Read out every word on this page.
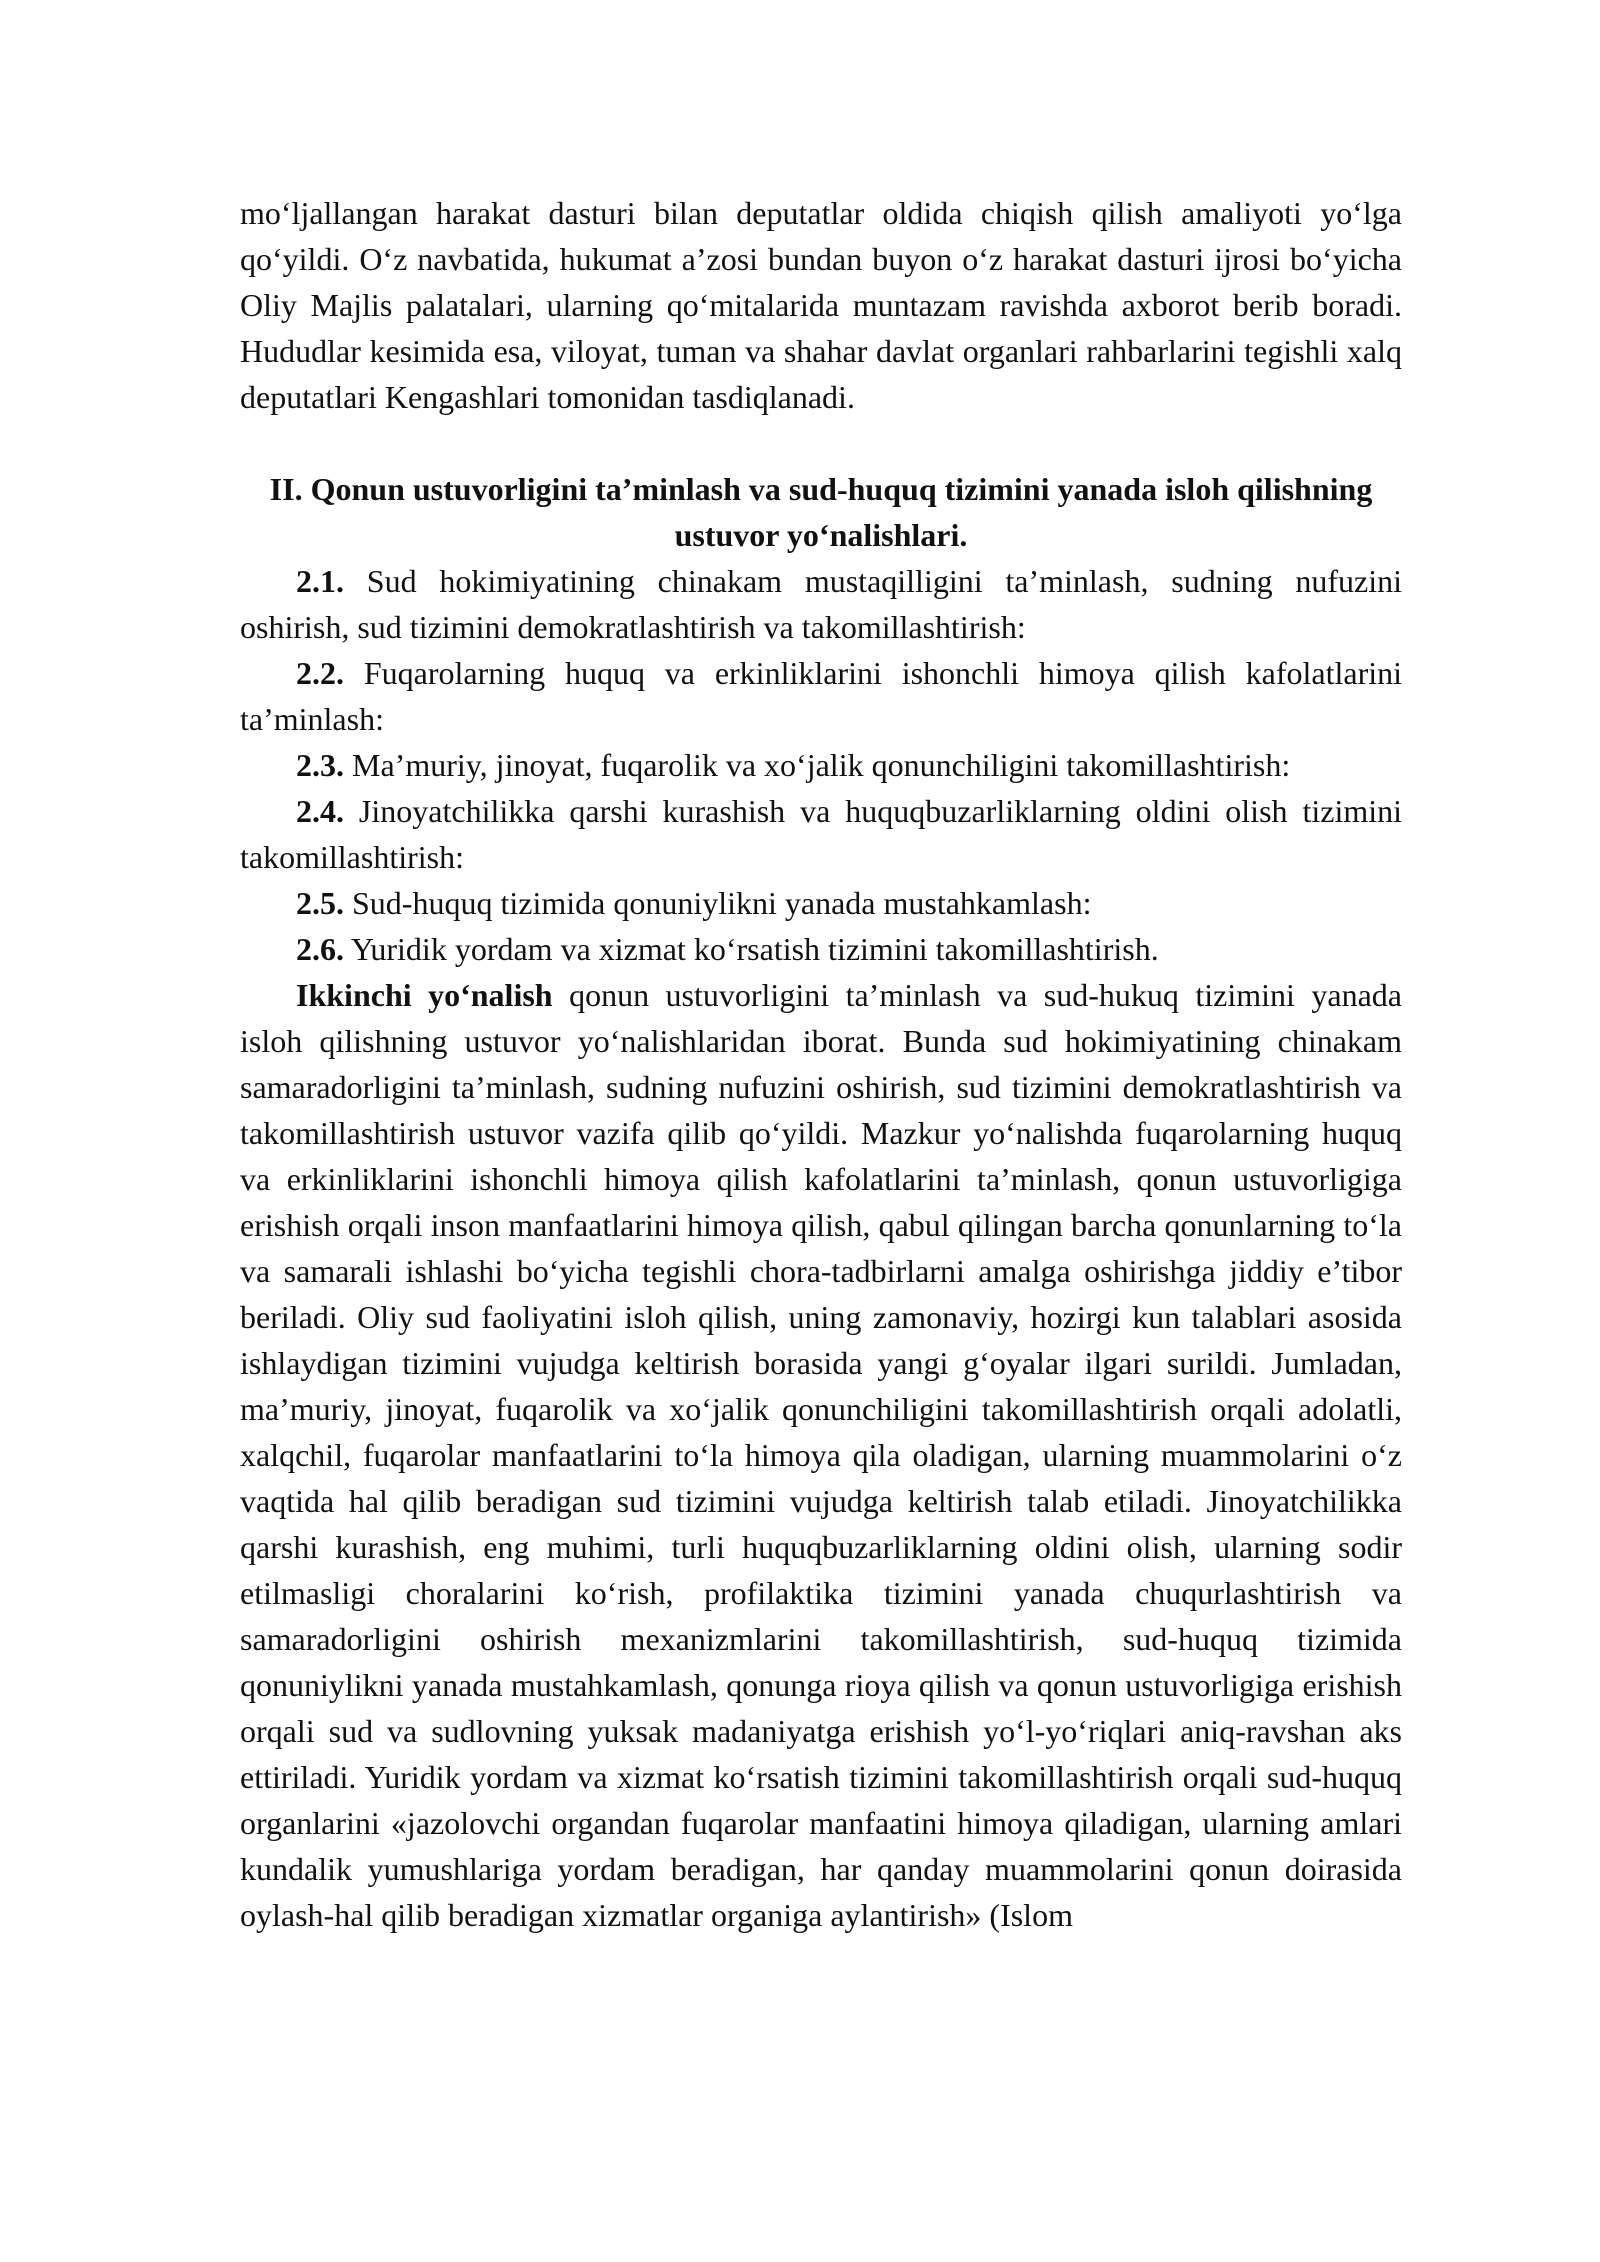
mo‘ljallangan harakat dasturi bilan deputatlar oldida chiqish qilish amaliyoti yo‘lga qo‘yildi. O‘z navbatida, hukumat a’zosi bundan buyon o‘z harakat dasturi ijrosi bo‘yicha Oliy Majlis palatalari, ularning qo‘mitalarida muntazam ravishda axborot berib boradi. Hududlar kesimida esa, viloyat, tuman va shahar davlat organlari rahbarlarini tegishli xalq deputatlari Kengashlari tomonidan tasdiqlanadi.

II. Qonun ustuvorligini ta’minlash va sud-huquq tizimini yanada isloh qilishning ustuvor yo‘nalishlari.

2.1. Sud hokimiyatining chinakam mustaqilligini ta’minlash, sudning nufuzini oshirish, sud tizimini demokratlashtirish va takomillashtirish:

2.2. Fuqarolarning huquq va erkinliklarini ishonchli himoya qilish kafolatlarini ta’minlash:

2.3. Ma’muriy, jinoyat, fuqarolik va xo‘jalik qonunchiligini takomillashtirish:

2.4. Jinoyatchilikka qarshi kurashish va huquqbuzarliklarning oldini olish tizimini takomillashtirish:

2.5. Sud-huquq tizimida qonuniylikni yanada mustahkamlash:

2.6. Yuridik yordam va xizmat ko‘rsatish tizimini takomillashtirish.

Ikkinchi yo‘nalish qonun ustuvorligini ta’minlash va sud-hukuq tizimini yanada isloh qilishning ustuvor yo‘nalishlaridan iborat. Bunda sud hokimiyatining chinakam samaradorligini ta’minlash, sudning nufuzini oshirish, sud tizimini demokratlashtirish va takomillashtirish ustuvor vazifa qilib qo‘yildi. Mazkur yo‘nalishda fuqarolarning huquq va erkinliklarini ishonchli himoya qilish kafolatlarini ta’minlash, qonun ustuvorligiga erishish orqali inson manfaatlarini himoya qilish, qabul qilingan barcha qonunlarning to‘la va samarali ishlashi bo‘yicha tegishli chora-tadbirlarni amalga oshirishga jiddiy e’tibor beriladi. Oliy sud faoliyatini isloh qilish, uning zamonaviy, hozirgi kun talablari asosida ishlaydigan tizimini vujudga keltirish borasida yangi g‘oyalar ilgari surildi. Jumladan, ma’muriy, jinoyat, fuqarolik va xo‘jalik qonunchiligini takomillashtirish orqali adolatli, xalqchil, fuqarolar manfaatlarini to‘la himoya qila oladigan, ularning muammolarini o‘z vaqtida hal qilib beradigan sud tizimini vujudga keltirish talab etiladi. Jinoyatchilikka qarshi kurashish, eng muhimi, turli huquqbuzarliklarning oldini olish, ularning sodir etilmasligi choralarini ko‘rish, profilaktika tizimini yanada chuqurlashtirish va samaradorligini oshirish mexanizmlarini takomillashtirish, sud-huquq tizimida qonuniylikni yanada mustahkamlash, qonunga rioya qilish va qonun ustuvorligiga erishish orqali sud va sudlovning yuksak madaniyatga erishish yo‘l-yo‘riqlari aniq-ravshan aks ettiriladi. Yuridik yordam va xizmat ko‘rsatish tizimini takomillashtirish orqali sud-huquq organlarini «jazolovchi organdan fuqarolar manfaatini himoya qiladigan, ularning amlari kundalik yumushlariga yordam beradigan, har qanday muammolarini qonun doirasida oylash-hal qilib beradigan xizmatlar organiga aylantirish» (Islom
